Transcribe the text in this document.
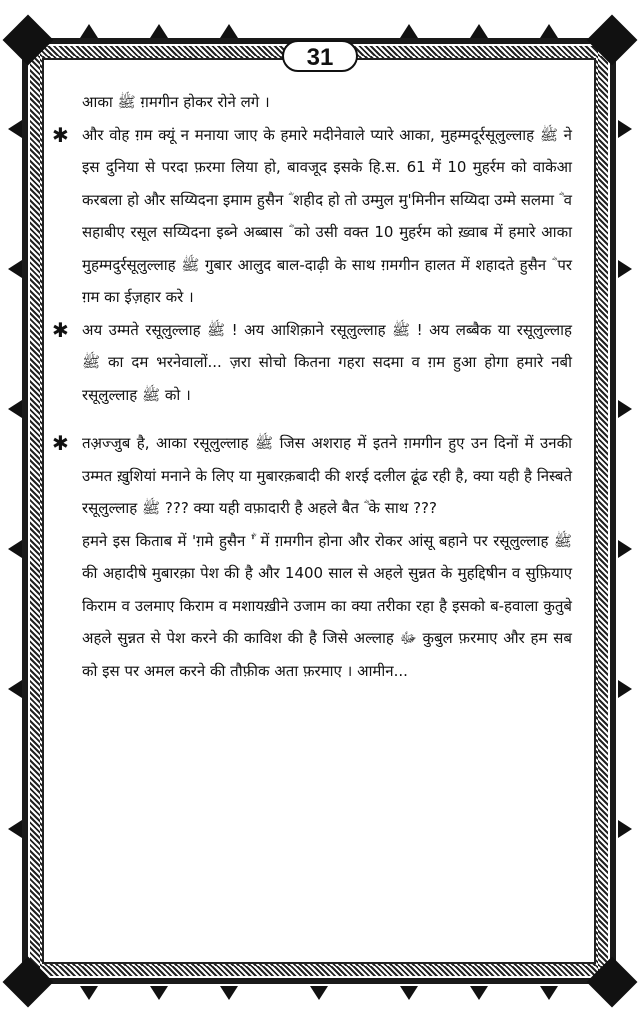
31

आका ﷺ ग़मगीन होकर रोने लगे ।

✱ और वोह ग़म क्यूं न मनाया जाए के हमारे मदीनेवाले प्यारे आका, मुहम्मदूर्रसूलुल्लाह ﷺ ने इस दुनिया से परदा फ़रमा लिया हो, बावजूद इसके हि.स. 61 में 10 मुहर्रम को वाकेआ करबला हो और सय्यिदना इमाम हुसैन ؓ शहीद हो तो उम्मुल मु'मिनीन सय्यिदा उम्मे सलमा ؓ व सहाबीए रसूल सय्यिदना इब्ने अब्बास ؓ को उसी वक्त 10 मुहर्रम को ख़्वाब में हमारे आका मुहम्मदुर्रसूलुल्लाह ﷺ गुबार आलुद बाल-दाढ़ी के साथ ग़मगीन हालत में शहादते हुसैन ؓ पर ग़म का ईज़हार करे ।

✱ अय उम्मते रसूलुल्लाह ﷺ ! अय आशिक़ाने रसूलुल्लाह ﷺ ! अय लब्बैक या रसूलुल्लाह ﷺ का दम भरनेवालों... ज़रा सोचो कितना गहरा सदमा व ग़म हुआ होगा हमारे नबी रसूलुल्लाह ﷺ को ।

✱ तअ़ज्जुब है, आका रसूलुल्लाह ﷺ जिस अशराह में इतने ग़मगीन हुए उन दिनों में उनकी उम्मत ख़ुशियां मनाने के लिए या मुबारक़बादी की शरई दलील ढूंढ रही है, क्या यही है निस्बते रसूलुल्लाह ﷺ ??? क्या यही वफ़ादारी है अहले बैत ؓ के साथ ???

हमने इस किताब में 'ग़मे हुसैन ؓ' में ग़मगीन होना और रोकर आंसू बहाने पर रसूलुल्लाह ﷺ की अहादीषे मुबारक़ा पेश की है और 1400 साल से अहले सुन्नत के मुहद्दिषीन व सुफ़ियाए किराम व उलमाए किराम व मशायख़ीने उजाम का क्या तरीका रहा है इसको ब-हवाला कुतुबे अहले सुन्नत से पेश करने की काविश की है जिसे अल्लाह ﷻ कुबुल फ़रमाए और हम सब को इस पर अमल करने की तौफ़ीक अता फ़रमाए । आमीन...
